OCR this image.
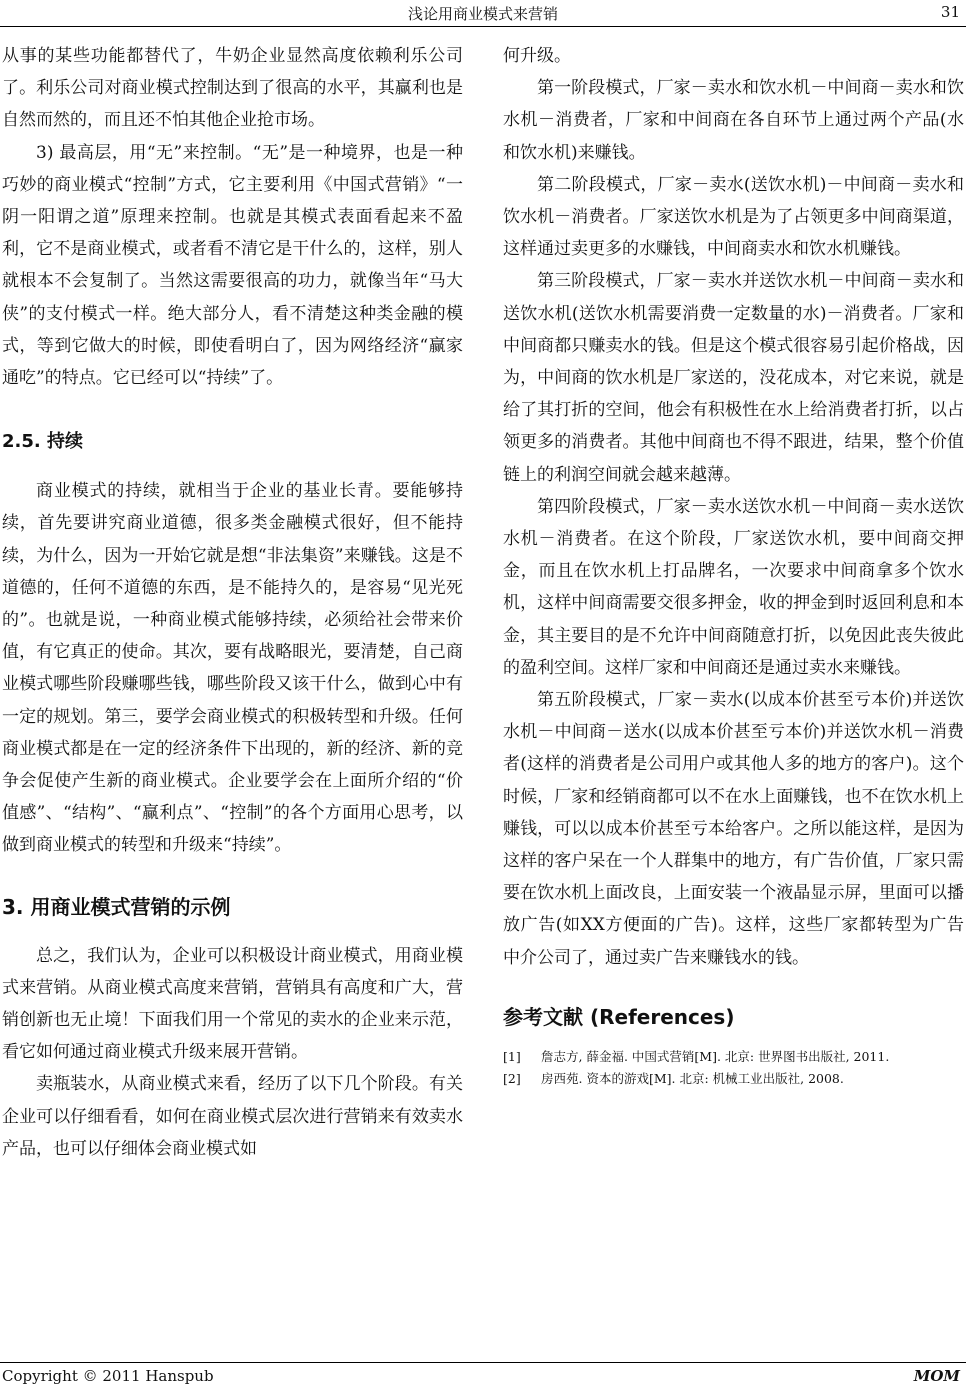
浅论用商业模式来营销	31

从事的某些功能都替代了，牛奶企业显然高度依赖利乐公司了。利乐公司对商业模式控制达到了很高的水平，其赢利也是自然而然的，而且还不怕其他企业抢市场。

3) 最高层，用“无”来控制。“无”是一种境界，也是一种巧妙的商业模式“控制”方式，它主要利用《中国式营销》“一阴一阳谓之道”原理来控制。也就是其模式表面看起来不盈利，它不是商业模式，或者看不清它是干什么的，这样，别人就根本不会复制了。当然这需要很高的功力，就像当年“马大侠”的支付模式一样。绝大部分人，看不清楚这种类金融的模式，等到它做大的时候，即使看明白了，因为网络经济“赢家通吃”的特点。它已经可以“持续”了。

2.5. 持续

商业模式的持续，就相当于企业的基业长青。要能够持续，首先要讲究商业道德，很多类金融模式很好，但不能持续，为什么，因为一开始它就是想“非法集资”来赚钱。这是不道德的，任何不道德的东西，是不能持久的，是容易“见光死的”。也就是说，一种商业模式能够持续，必须给社会带来价值，有它真正的使命。其次，要有战略眼光，要清楚，自己商业模式哪些阶段赚哪些钱，哪些阶段又该干什么，做到心中有一定的规划。第三，要学会商业模式的积极转型和升级。任何商业模式都是在一定的经济条件下出现的，新的经济、新的竞争会促使产生新的商业模式。企业要学会在上面所介绍的“价值感”、“结构”、“赢利点”、“控制”的各个方面用心思考，以做到商业模式的转型和升级来“持续”。

3. 用商业模式营销的示例

总之，我们认为，企业可以积极设计商业模式，用商业模式来营销。从商业模式高度来营销，营销具有高度和广大，营销创新也无止境！下面我们用一个常见的卖水的企业来示范，看它如何通过商业模式升级来展开营销。

卖瓶装水，从商业模式来看，经历了以下几个阶段。有关企业可以仔细看看，如何在商业模式层次进行营销来有效卖水产品，也可以仔细体会商业模式如

何升级。

第一阶段模式，厂家－卖水和饮水机－中间商－卖水和饮水机－消费者，厂家和中间商在各自环节上通过两个产品(水和饮水机)来赚钱。

第二阶段模式，厂家－卖水(送饮水机)－中间商－卖水和饮水机－消费者。厂家送饮水机是为了占领更多中间商渠道，这样通过卖更多的水赚钱，中间商卖水和饮水机赚钱。

第三阶段模式，厂家－卖水并送饮水机－中间商－卖水和送饮水机(送饮水机需要消费一定数量的水)－消费者。厂家和中间商都只赚卖水的钱。但是这个模式很容易引起价格战，因为，中间商的饮水机是厂家送的，没花成本，对它来说，就是给了其打折的空间，他会有积极性在水上给消费者打折，以占领更多的消费者。其他中间商也不得不跟进，结果，整个价值链上的利润空间就会越来越薄。

第四阶段模式，厂家－卖水送饮水机－中间商－卖水送饮水机－消费者。在这个阶段，厂家送饮水机，要中间商交押金，而且在饮水机上打品牌名，一次要求中间商拿多个饮水机，这样中间商需要交很多押金，收的押金到时返回利息和本金，其主要目的是不允许中间商随意打折，以免因此丧失彼此的盈利空间。这样厂家和中间商还是通过卖水来赚钱。

第五阶段模式，厂家－卖水(以成本价甚至亏本价)并送饮水机－中间商－送水(以成本价甚至亏本价)并送饮水机－消费者(这样的消费者是公司用户或其他人多的地方的客户)。这个时候，厂家和经销商都可以不在水上面赚钱，也不在饮水机上赚钱，可以以成本价甚至亏本给客户。之所以能这样，是因为这样的客户呆在一个人群集中的地方，有广告价值，厂家只需要在饮水机上面改良，上面安装一个液晶显示屏，里面可以播放广告(如XX方便面的广告)。这样，这些厂家都转型为广告中介公司了，通过卖广告来赚钱水的钱。

参考文献 (References)
[1]	詹志方, 薛金福. 中国式营销[M]. 北京: 世界图书出版社, 2011.
[2]	房西苑. 资本的游戏[M]. 北京: 机械工业出版社, 2008.
Copyright © 2011 Hanspub	MOM
